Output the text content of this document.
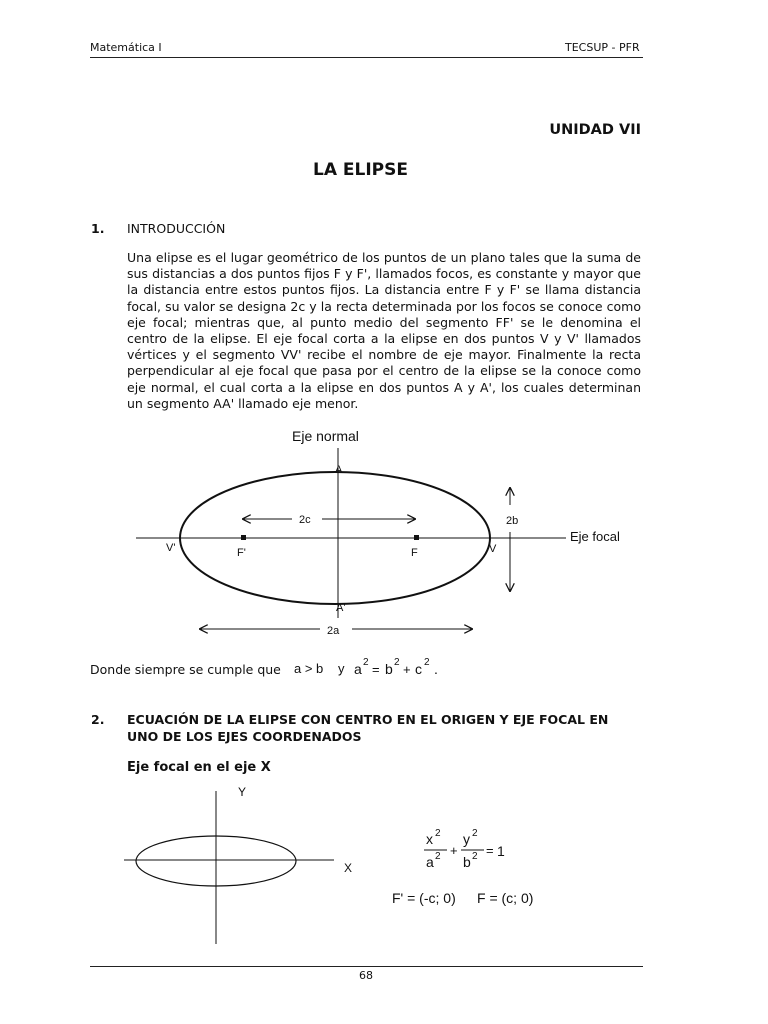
Matemática I	TECSUP - PFR
UNIDAD VII
LA ELIPSE
1. INTRODUCCIÓN
Una elipse es el lugar geométrico de los puntos de un plano tales que la suma de sus distancias a dos puntos fijos F y F', llamados focos, es constante y mayor que la distancia entre estos puntos fijos. La distancia entre F y F' se llama distancia focal, su valor se designa 2c y la recta determinada por los focos se conoce como eje focal; mientras que, al punto medio del segmento FF' se le denomina el centro de la elipse. El eje focal corta a la elipse en dos puntos V y V' llamados vértices y el segmento VV' recibe el nombre de eje mayor. Finalmente la recta perpendicular al eje focal que pasa por el centro de la elipse se la conoce como eje normal, el cual corta a la elipse en dos puntos A y A', los cuales determinan un segmento AA' llamado eje menor.
Eje normal
Eje focal
A
A'
V'	V
F'	F
2c	2b
2a
Donde siempre se cumple que a > b y a 2 = b 2 + c 2 .
2. ECUACIÓN DE LA ELIPSE CON CENTRO EN EL ORIGEN Y EJE FOCAL EN
UNO DE LOS EJES COORDENADOS
Eje focal en el eje X
Y
X
x 2
a 2 +
y 2
b 2 = 1
F' = (-c; 0) F = (c; 0)
68
